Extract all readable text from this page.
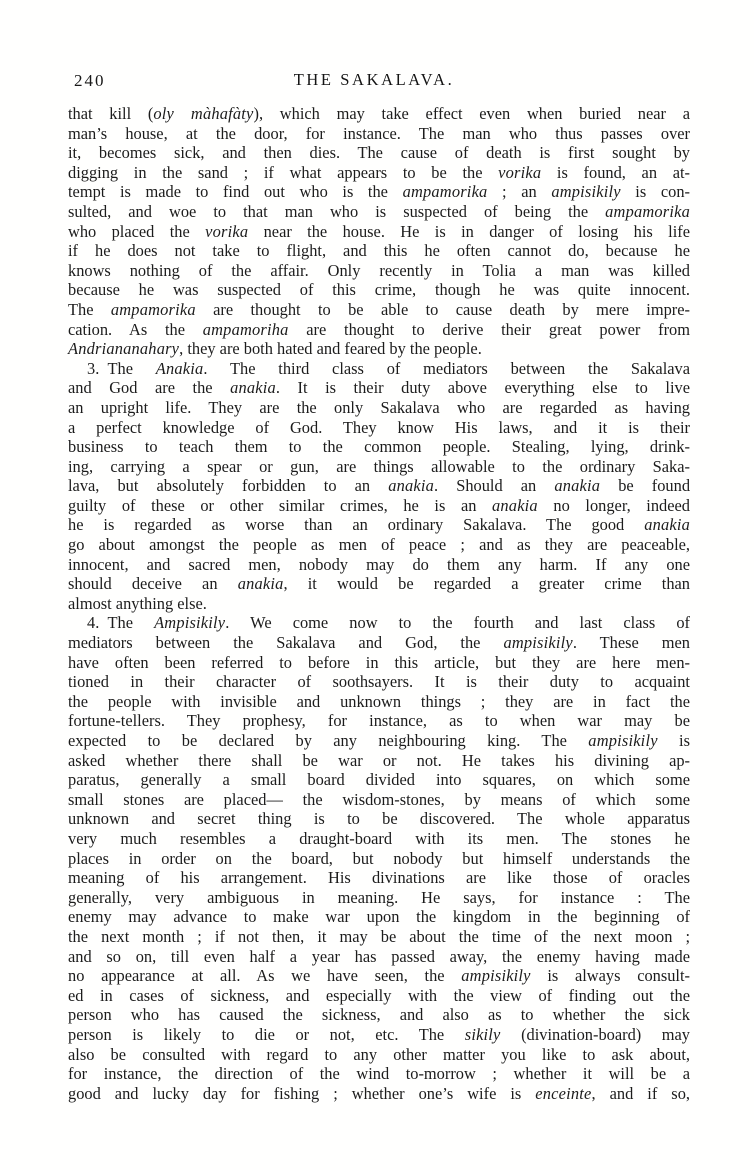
240	THE SAKALAVA.
that kill (oly màhafàty), which may take effect even when buried near a
man’s house, at the door, for instance. The man who thus passes over
it, becomes sick, and then dies. The cause of death is first sought by
digging in the sand ; if what appears to be the vorika is found, an at-
tempt is made to find out who is the ampamorika ; an ampisikily is con-
sulted, and woe to that man who is suspected of being the ampamorika
who placed the vorika near the house. He is in danger of losing his life
if he does not take to flight, and this he often cannot do, because he
knows nothing of the affair. Only recently in Tolia a man was killed
because he was suspected of this crime, though he was quite innocent.
The ampamorika are thought to be able to cause death by mere impre-
cation. As the ampamoriha are thought to derive their great power from
Andriananahary, they are both hated and feared by the people.
3. The Anakia. The third class of mediators between the Sakalava
and God are the anakia. It is their duty above everything else to live
an upright life. They are the only Sakalava who are regarded as having
a perfect knowledge of God. They know His laws, and it is their
business to teach them to the common people. Stealing, lying, drink-
ing, carrying a spear or gun, are things allowable to the ordinary Saka-
lava, but absolutely forbidden to an anakia. Should an anakia be found
guilty of these or other similar crimes, he is an anakia no longer, indeed
he is regarded as worse than an ordinary Sakalava. The good anakia
go about amongst the people as men of peace ; and as they are peaceable,
innocent, and sacred men, nobody may do them any harm. If any one
should deceive an anakia, it would be regarded a greater crime than
almost anything else.
4. The Ampisikily. We come now to the fourth and last class of
mediators between the Sakalava and God, the ampisikily. These men
have often been referred to before in this article, but they are here men-
tioned in their character of soothsayers. It is their duty to acquaint
the people with invisible and unknown things ; they are in fact the
fortune-tellers. They prophesy, for instance, as to when war may be
expected to be declared by any neighbouring king. The ampisikily is
asked whether there shall be war or not. He takes his divining ap-
paratus, generally a small board divided into squares, on which some
small stones are placed— the wisdom-stones, by means of which some
unknown and secret thing is to be discovered. The whole apparatus
very much resembles a draught-board with its men. The stones he
places in order on the board, but nobody but himself understands the
meaning of his arrangement. His divinations are like those of oracles
generally, very ambiguous in meaning. He says, for instance : The
enemy may advance to make war upon the kingdom in the beginning of
the next month ; if not then, it may be about the time of the next moon ;
and so on, till even half a year has passed away, the enemy having made
no appearance at all. As we have seen, the ampisikily is always consult-
ed in cases of sickness, and especially with the view of finding out the
person who has caused the sickness, and also as to whether the sick
person is likely to die or not, etc. The sikily (divination-board) may
also be consulted with regard to any other matter you like to ask about,
for instance, the direction of the wind to-morrow ; whether it will be a
good and lucky day for fishing ; whether one’s wife is enceinte, and if so,
